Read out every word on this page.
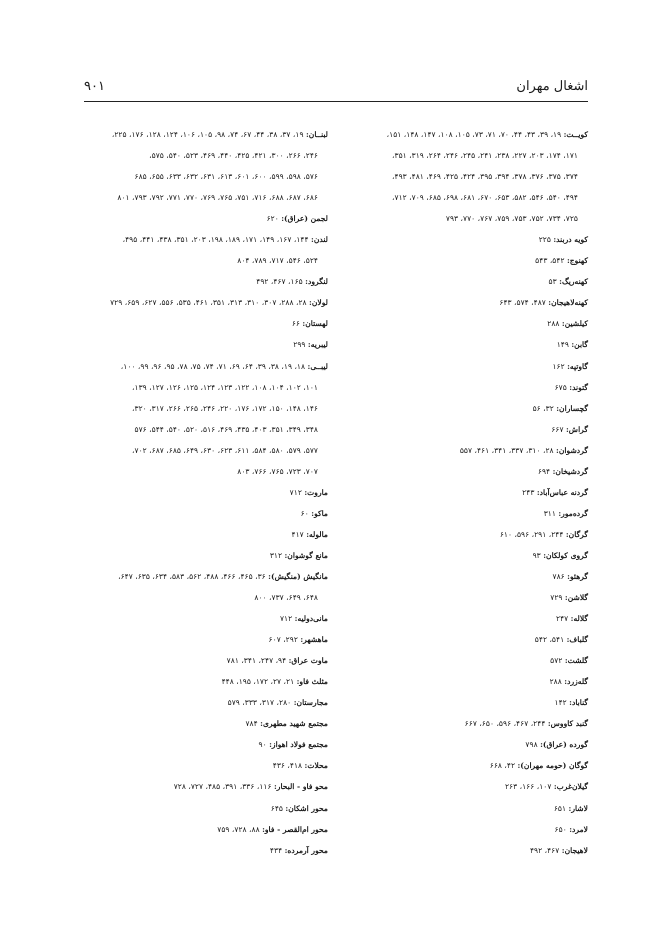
اشغال مهران
۹۰۱
کویــت: ۱۹، ۳۹، ۴۳، ۴۴، ۷۰، ۷۱، ۷۳، ۱۰۵، ۱۰۸، ۱۴۷، ۱۴۸، ۱۵۱،
۱۷۱، ۱۷۴، ۲۰۳، ۲۲۷، ۲۳۸، ۲۴۱، ۲۴۵، ۲۴۶، ۲۶۴، ۳۱۹، ۳۵۱،
۳۷۴، ۳۷۵، ۳۷۶، ۳۷۸، ۳۹۴، ۳۹۵، ۴۲۴، ۴۲۵، ۴۶۹، ۴۸۱، ۴۹۳،
۴۹۴، ۵۴۰، ۵۴۶، ۵۸۲، ۶۵۳، ۶۷۰، ۶۸۱، ۶۹۸، ۶۸۵، ۷۰۹، ۷۱۲،
۷۲۵، ۷۳۴، ۷۵۲، ۷۵۳، ۷۵۹، ۷۶۷، ۷۷۰، ۷۹۳
کویه دربند: ۲۲۵
کهنوج: ۵۴۲، ۵۴۳
کهنه‌ریگ: ۵۳
کهنه‌لاهیجان: ۴۸۷، ۵۷۴، ۶۴۳
کیلشین: ۲۸۸
گابن: ۱۴۹
گاوتپه: ۱۶۲
گتوند: ۶۷۵
گچساران: ۳۲، ۵۶
گراش: ۶۶۷
گردشوان: ۲۸، ۳۱۰، ۳۳۷، ۳۴۱، ۴۶۱، ۵۵۷
گردشیخان: ۶۹۴
گردنه عباس‌آباد: ۲۴۳
گرده‌مور: ۳۱۱
گرگان: ۲۴۴، ۲۹۱، ۵۹۶، ۶۱۰
گروی کولکان: ۹۳
گرهئو: ۷۸۶
گلاشن: ۷۲۹
گلاله: ۲۴۷
گلباف: ۵۴۱، ۵۴۲
گلشت: ۵۷۲
گله‌زرد: ۲۸۸
گناباد: ۱۴۲
گنبد کاووس: ۲۴۴، ۴۶۷، ۵۹۶، ۶۵۰، ۶۶۷
گورده (عراق): ۷۹۸
گوگان (حومه مهران): ۴۲، ۶۶۸
گیلان‌غرب: ۱۰۷، ۱۶۶، ۲۶۳
لاشار: ۶۵۱
لامرد: ۶۵۰
لاهیجان: ۴۶۷، ۴۹۲
لبنــان: ۱۹، ۳۷، ۳۸، ۴۴، ۶۷، ۷۴، ۹۸، ۱۰۵، ۱۰۶، ۱۲۴، ۱۲۸، ۱۷۶، ۲۲۵،
۲۴۶، ۲۶۶، ۳۰۰، ۴۲۱، ۴۲۵، ۴۴۰، ۴۶۹، ۵۲۳، ۵۴۰، ۵۷۵،
۵۷۶، ۵۹۸، ۵۹۹، ۶۰۰، ۶۰۱، ۶۱۳، ۶۳۱، ۶۳۲، ۶۳۳، ۶۵۵، ۶۸۵
۶۸۶، ۶۸۷، ۶۸۸، ۷۱۶، ۷۵۱، ۷۶۵، ۷۶۹، ۷۷۰، ۷۷۱، ۷۹۲، ۷۹۳، ۸۰۱
لجمن (عراق): ۶۲۰
لندن: ۱۴۴، ۱۶۷، ۱۴۹، ۱۷۱، ۱۸۹، ۱۹۸، ۲۰۳، ۳۵۱، ۴۳۸، ۴۴۱، ۴۹۵،
۵۲۴، ۵۴۶، ۷۱۷، ۷۸۹، ۸۰۴
لنگرود: ۱۶۵، ۴۶۷، ۴۹۲
لولان: ۲۸، ۲۸۸، ۳۰۷، ۳۱۰، ۳۱۳، ۳۵۱، ۴۶۱، ۵۳۵، ۵۵۶، ۶۲۷، ۶۵۹، ۷۲۹
لهستان: ۶۶
لیبریه: ۲۹۹
لیبــی: ۱۸، ۱۹، ۳۸، ۳۹، ۶۴، ۶۹، ۷۱، ۷۴، ۷۵، ۷۸، ۹۵، ۹۶، ۹۹، ۱۰۰،
۱۰۱، ۱۰۲، ۱۰۴، ۱۰۸، ۱۲۲، ۱۲۳، ۱۲۴، ۱۲۵، ۱۲۶، ۱۲۷، ۱۳۹،
۱۴۶، ۱۴۸، ۱۵۰، ۱۷۲، ۱۷۶، ۲۲۰، ۲۴۶، ۲۶۵، ۲۶۶، ۳۱۷، ۳۲۰،
۳۴۸، ۳۴۹، ۳۵۱، ۴۰۳، ۴۳۵، ۴۶۹، ۵۱۶، ۵۲۰، ۵۴۰، ۵۴۴، ۵۷۶
۵۷۷، ۵۷۹، ۵۸۰، ۵۸۴، ۶۱۱، ۶۲۳، ۶۳۰، ۶۴۹، ۶۸۵، ۶۸۷، ۷۰۲،
۷۰۷، ۷۲۳، ۷۶۵، ۷۶۶، ۸۰۳
ماروت: ۷۱۲
ماکو: ۶۰
مالوله: ۴۱۷
مانع گوشوان: ۳۱۲
مانگیش (منگیش): ۳۶، ۴۶۵، ۴۶۶، ۴۸۸، ۵۶۲، ۵۸۳، ۶۳۴، ۶۳۵، ۶۴۷،
۶۴۸، ۶۴۹، ۷۳۷، ۸۰۰
مانی‌دولیه: ۷۱۲
ماهشهر: ۲۹۲، ۶۰۷
ماوت عراق: ۹۴، ۲۴۷، ۳۴۱، ۷۸۱
مثلث فاو: ۲۱، ۲۷، ۱۷۲، ۱۹۵، ۴۴۸
مجارستان: ۲۸۰، ۳۱۷، ۳۳۳، ۵۷۹
مجتمع شهید مطهری: ۷۸۴
مجتمع فولاد اهواز: ۹۰
محلات: ۴۱۸، ۴۳۶
محو فاو - البحار: ۱۱۶، ۳۳۶، ۳۹۱، ۴۸۵، ۷۲۷، ۷۲۸
محور اشکان: ۶۴۵
محور ام‌القصر - فاو: ۸۸، ۷۲۸، ۷۵۹
محور آرمرده: ۴۳۴
